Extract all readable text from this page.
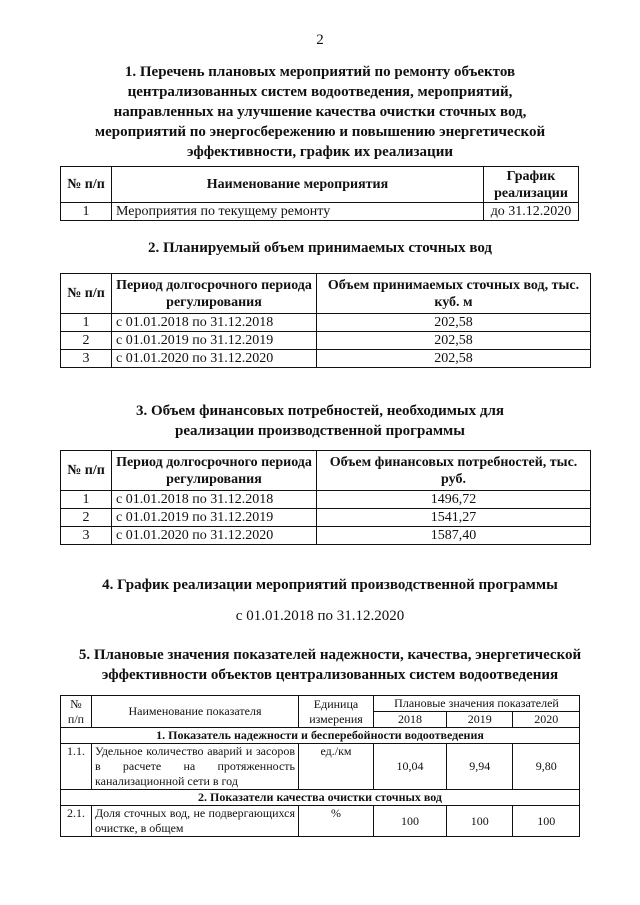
2
1. Перечень плановых мероприятий по ремонту объектов
централизованных систем водоотведения, мероприятий,
направленных на улучшение качества очистки сточных вод,
мероприятий по энергосбережению и повышению энергетической
эффективности, график их реализации
№ п/п	Наименование мероприятия	График реализации
1	Мероприятия по текущему ремонту	до 31.12.2020
2. Планируемый объем принимаемых сточных вод
№ п/п	Период долгосрочного периода регулирования	Объем принимаемых сточных вод, тыс. куб. м
1	с 01.01.2018 по 31.12.2018	202,58
2	с 01.01.2019 по 31.12.2019	202,58
3	с 01.01.2020 по 31.12.2020	202,58
3. Объем финансовых потребностей, необходимых для
реализации производственной программы
№ п/п	Период долгосрочного периода регулирования	Объем финансовых потребностей, тыс. руб.
1	с 01.01.2018 по 31.12.2018	1496,72
2	с 01.01.2019 по 31.12.2019	1541,27
3	с 01.01.2020 по 31.12.2020	1587,40
4. График реализации мероприятий производственной программы
с 01.01.2018 по 31.12.2020
5. Плановые значения показателей надежности, качества, энергетической
эффективности объектов централизованных систем водоотведения
№ п/п	Наименование показателя	Единица измерения	Плановые значения показателей		
			2018	2019	2020
1. Показатель надежности и бесперебойности водоотведения					
1.1.	Удельное количество аварий и засоров в расчете на протяженность канализационной сети в год	ед./км	10,04	9,94	9,80
2. Показатели качества очистки сточных вод					
2.1.	Доля сточных вод, не подвергающихся очистке, в общем	%	100	100	100
